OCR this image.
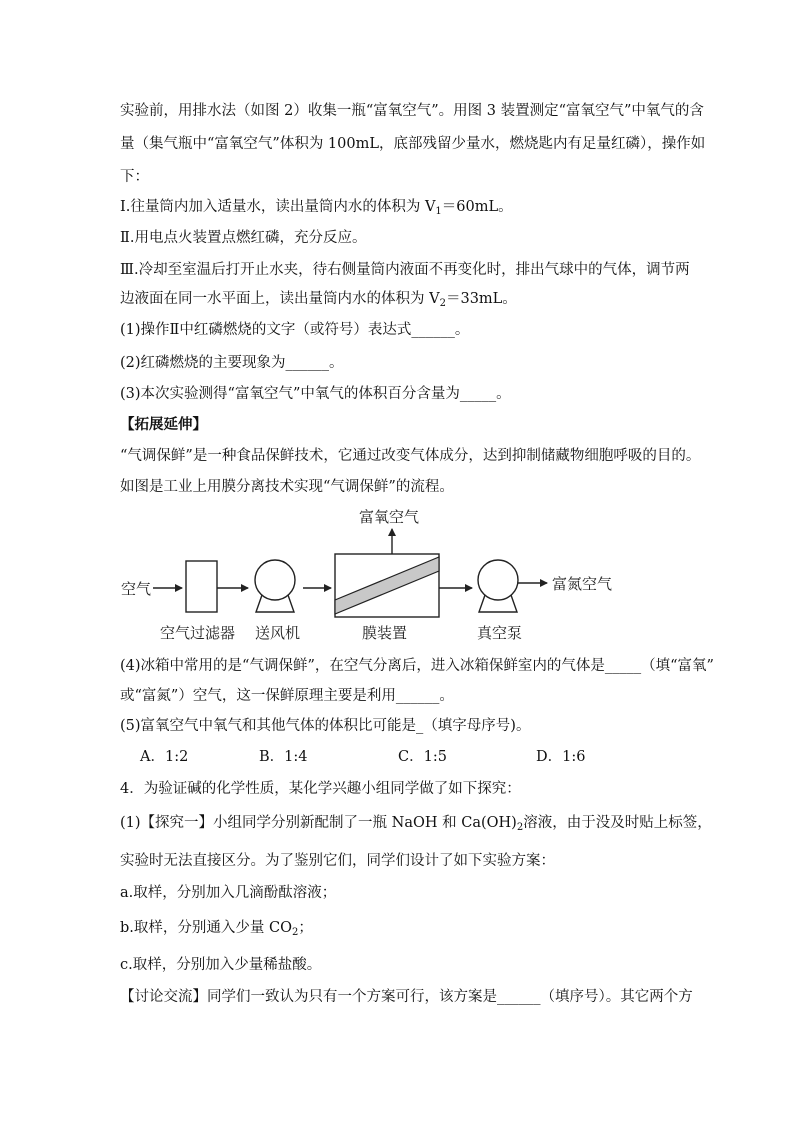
实验前，用排水法（如图 2）收集一瓶“富氧空气”。用图 3 装置测定“富氧空气”中氧气的含
量（集气瓶中“富氧空气”体积为 100mL，底部残留少量水，燃烧匙内有足量红磷），操作如
下：
Ⅰ.往量筒内加入适量水，读出量筒内水的体积为 $V_1=60mL$。
Ⅱ.用电点火装置点燃红磷，充分反应。
Ⅲ.冷却至室温后打开止水夹，待右侧量筒内液面不再变化时，排出气球中的气体，调节两
边液面在同一水平面上，读出量筒内水的体积为 $V_2=33mL$。
(1)操作Ⅱ中红磷燃烧的文字（或符号）表达式______。
(2)红磷燃烧的主要现象为______。
(3)本次实验测得“富氧空气”中氧气的体积百分含量为_____。
【拓展延伸】
“气调保鲜”是一种食品保鲜技术，它通过改变气体成分，达到抑制储藏物细胞呼吸的目的。
如图是工业上用膜分离技术实现“气调保鲜”的流程。
空气
富氧空气
富氮空气
空气过滤器 送风机	膜装置	真空泵
(4)冰箱中常用的是“气调保鲜”，在空气分离后，进入冰箱保鲜室内的气体是_____（填“富氧”
或“富氮”）空气，这一保鲜原理主要是利用______。
(5)富氧空气中氧气和其他气体的体积比可能是_（填字母序号)。
A．1:2	B．1:4	C．1:5	D．1:6
4．为验证碱的化学性质，某化学兴趣小组同学做了如下探究：
(1)【探究一】小组同学分别新配制了一瓶 NaOH 和 $Ca(OH)_2$溶液，由于没及时贴上标签，
实验时无法直接区分。为了鉴别它们，同学们设计了如下实验方案：
a.取样，分别加入几滴酚酞溶液；
b.取样，分别通入少量 $CO_2$；
c.取样，分别加入少量稀盐酸。
【讨论交流】同学们一致认为只有一个方案可行，该方案是______（填序号）。其它两个方
